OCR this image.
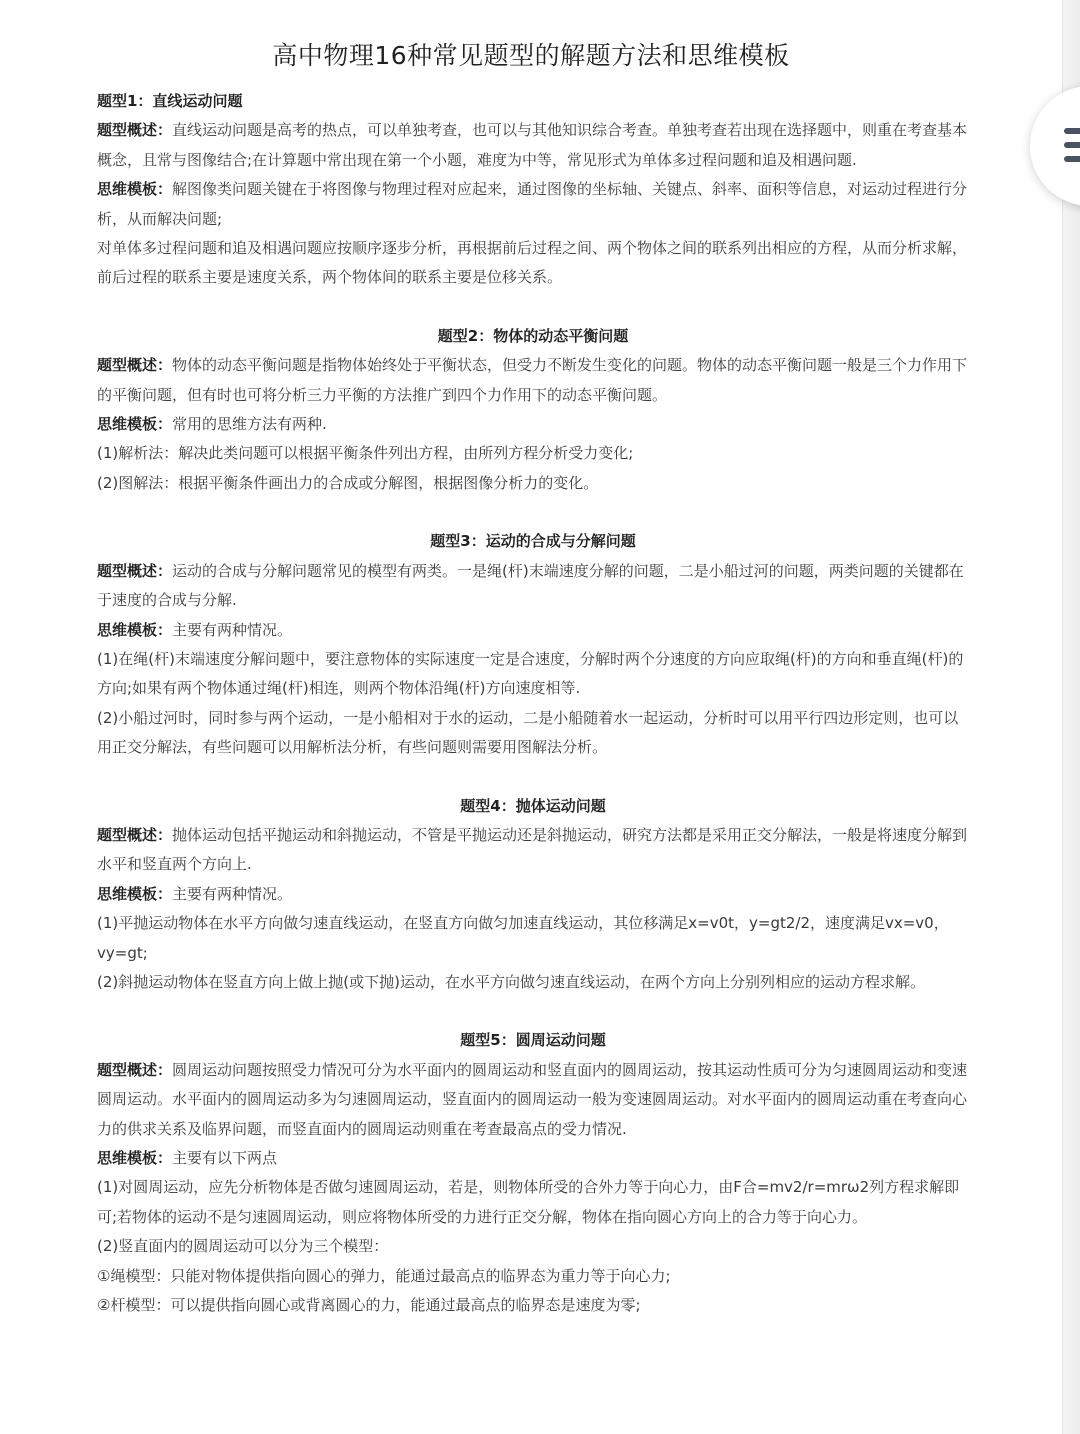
高中物理16种常见题型的解题方法和思维模板

题型1：直线运动问题

题型概述：直线运动问题是高考的热点，可以单独考查，也可以与其他知识综合考查。单独考查若出现在选择题中，则重在考查基本概念，且常与图像结合;在计算题中常出现在第一个小题，难度为中等，常见形式为单体多过程问题和追及相遇问题.

思维模板：解图像类问题关键在于将图像与物理过程对应起来，通过图像的坐标轴、关键点、斜率、面积等信息，对运动过程进行分析，从而解决问题;

对单体多过程问题和追及相遇问题应按顺序逐步分析，再根据前后过程之间、两个物体之间的联系列出相应的方程，从而分析求解，前后过程的联系主要是速度关系，两个物体间的联系主要是位移关系。

题型2：物体的动态平衡问题

题型概述：物体的动态平衡问题是指物体始终处于平衡状态，但受力不断发生变化的问题。物体的动态平衡问题一般是三个力作用下的平衡问题，但有时也可将分析三力平衡的方法推广到四个力作用下的动态平衡问题。

思维模板：常用的思维方法有两种.

(1)解析法：解决此类问题可以根据平衡条件列出方程，由所列方程分析受力变化;

(2)图解法：根据平衡条件画出力的合成或分解图，根据图像分析力的变化。

题型3：运动的合成与分解问题

题型概述：运动的合成与分解问题常见的模型有两类。一是绳(杆)末端速度分解的问题，二是小船过河的问题，两类问题的关键都在于速度的合成与分解.

思维模板：主要有两种情况。

(1)在绳(杆)末端速度分解问题中，要注意物体的实际速度一定是合速度，分解时两个分速度的方向应取绳(杆)的方向和垂直绳(杆)的方向;如果有两个物体通过绳(杆)相连，则两个物体沿绳(杆)方向速度相等.

(2)小船过河时，同时参与两个运动，一是小船相对于水的运动，二是小船随着水一起运动，分析时可以用平行四边形定则，也可以用正交分解法，有些问题可以用解析法分析，有些问题则需要用图解法分析。

题型4：抛体运动问题

题型概述：抛体运动包括平抛运动和斜抛运动，不管是平抛运动还是斜抛运动，研究方法都是采用正交分解法，一般是将速度分解到水平和竖直两个方向上.

思维模板：主要有两种情况。

(1)平抛运动物体在水平方向做匀速直线运动，在竖直方向做匀加速直线运动，其位移满足x=v0t，y=gt2/2，速度满足vx=v0，vy=gt;

(2)斜抛运动物体在竖直方向上做上抛(或下抛)运动，在水平方向做匀速直线运动，在两个方向上分别列相应的运动方程求解。

题型5：圆周运动问题

题型概述：圆周运动问题按照受力情况可分为水平面内的圆周运动和竖直面内的圆周运动，按其运动性质可分为匀速圆周运动和变速圆周运动。水平面内的圆周运动多为匀速圆周运动，竖直面内的圆周运动一般为变速圆周运动。对水平面内的圆周运动重在考查向心力的供求关系及临界问题，而竖直面内的圆周运动则重在考查最高点的受力情况.

思维模板：主要有以下两点

(1)对圆周运动，应先分析物体是否做匀速圆周运动，若是，则物体所受的合外力等于向心力，由F合=mv2/r=mrω2列方程求解即可;若物体的运动不是匀速圆周运动，则应将物体所受的力进行正交分解，物体在指向圆心方向上的合力等于向心力。

(2)竖直面内的圆周运动可以分为三个模型：

①绳模型：只能对物体提供指向圆心的弹力，能通过最高点的临界态为重力等于向心力;

②杆模型：可以提供指向圆心或背离圆心的力，能通过最高点的临界态是速度为零;
